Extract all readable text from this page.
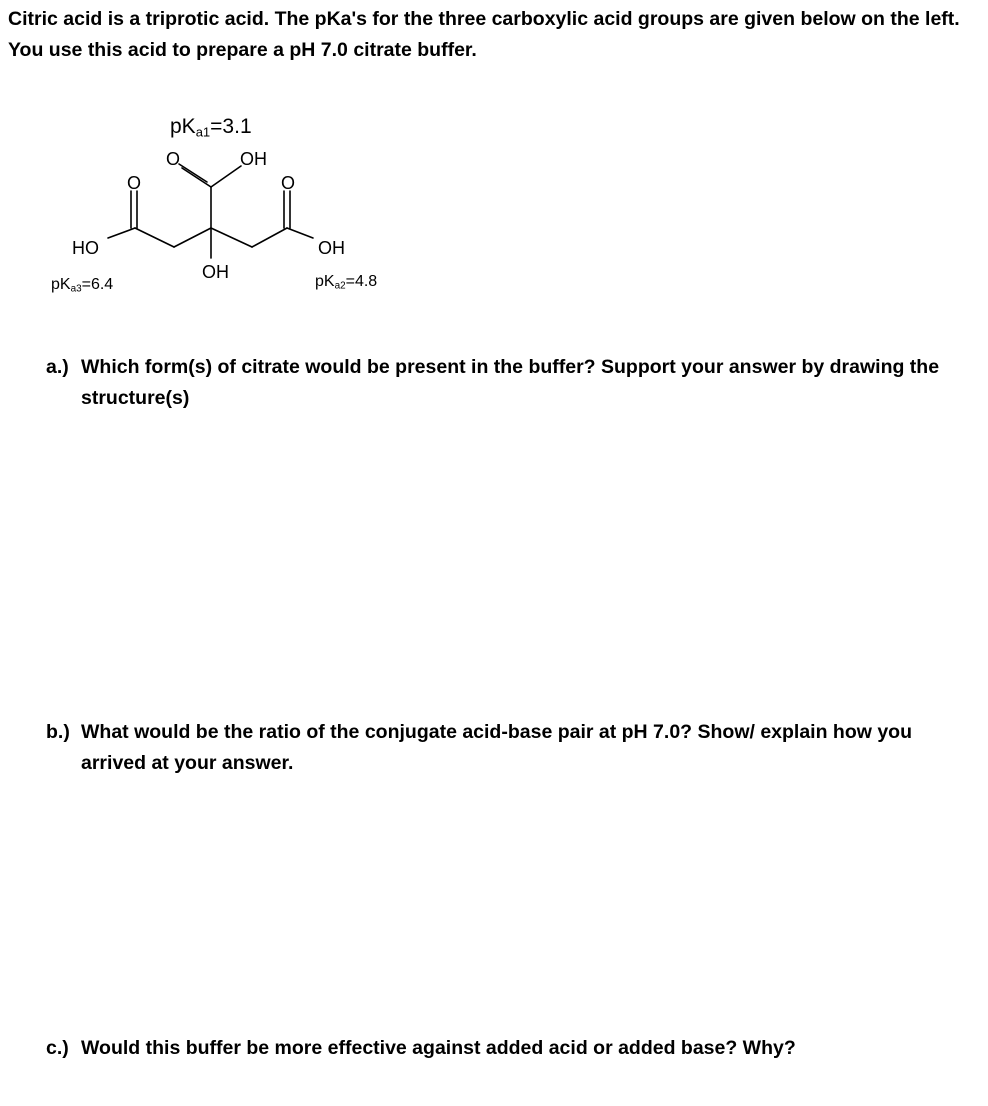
Citric acid is a triprotic acid. The pKa's for the three carboxylic acid groups are given below on the left. You use this acid to prepare a pH 7.0 citrate buffer.

$pK_{a1}=3.1$
O	OH
O	O
HO	OH
OH
$pK_{a3}=6.4$	$pK_{a2}=4.8$
a.) Which form(s) of citrate would be present in the buffer? Support your answer by drawing the structure(s)
b.) What would be the ratio of the conjugate acid-base pair at pH 7.0? Show/ explain how you arrived at your answer.
c.) Would this buffer be more effective against added acid or added base? Why?
